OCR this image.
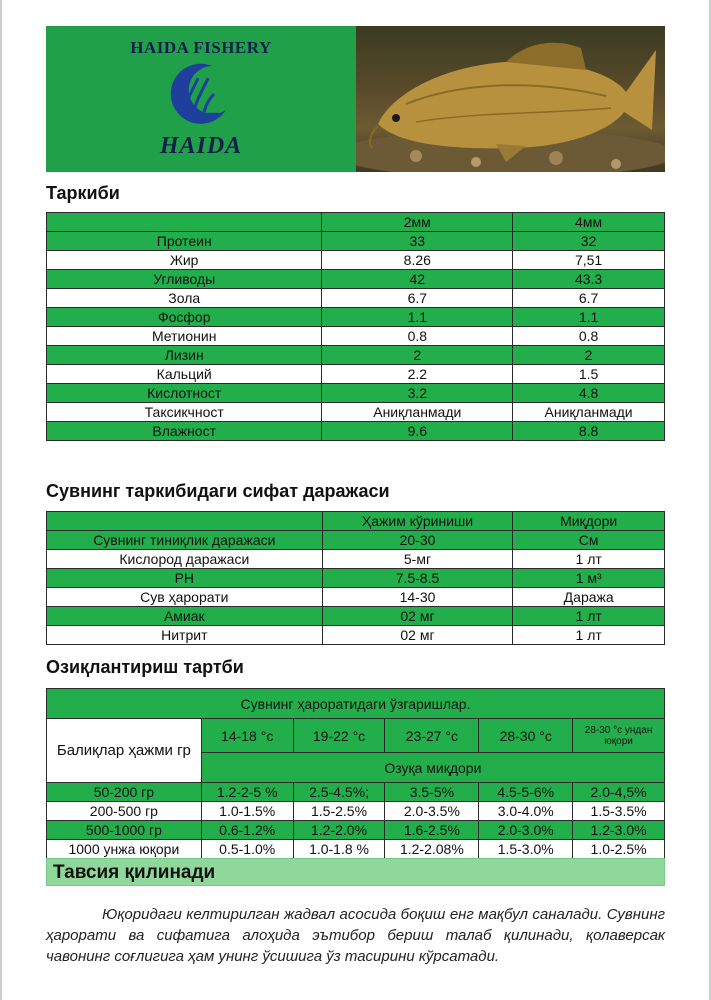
HAIDA FISHERY
HAIDA
Таркиби
	2мм	4мм
Протеин	33	32
Жир	8.26	7,51
Угливоды	42	43.3
Зола	6.7	6.7
Фосфор	1.1	1.1
Метионин	0.8	0.8
Лизин	2	2
Кальций	2.2	1.5
Кислотност	3.2	4.8
Таксикчност	Аниқланмади	Аниқланмади
Влажност	9.6	8.8
Сувнинг таркибидаги сифат даражаси
	Ҳажим кўриниши	Миқдори
Сувнинг тиниқлик даражаси	20-30	См
Кислород даражаси	5-мг	1 лт
PH	7.5-8.5	1 м³
Сув ҳарорати	14-30	Даража
Амиак	02 мг	1 лт
Нитрит	02 мг	1 лт
Озиқлантириш тартби
Сувнинг ҳароратидаги ўзгаришлар.					
Балиқлар ҳажми гр	14-18 °c	19-22 °c	23-27 °c	28-30 °c	28-30 °c ундан юқори
	Озуқа миқдори				
50-200 гр	1.2-2-5 %	2.5-4.5%;	3.5-5%	4.5-5-6%	2.0-4,5%
200-500 гр	1.0-1.5%	1.5-2.5%	2.0-3.5%	3.0-4.0%	1.5-3.5%
500-1000 гр	0.6-1.2%	1.2-2.0%	1.6-2.5%	2.0-3.0%	1.2-3.0%
1000 унжа юқори	0.5-1.0%	1.0-1.8 %	1.2-2.08%	1.5-3.0%	1.0-2.5%
Тавсия қилинади

Юқоридаги келтирилган жадвал асосида боқиш енг мақбул саналади. Сувнинг ҳарорати ва сифатига алоҳида эътибор бериш талаб қилинади, қолаверсак чавонинг соғлигига ҳам унинг ўсишига ўз тасирини кўрсатади.
